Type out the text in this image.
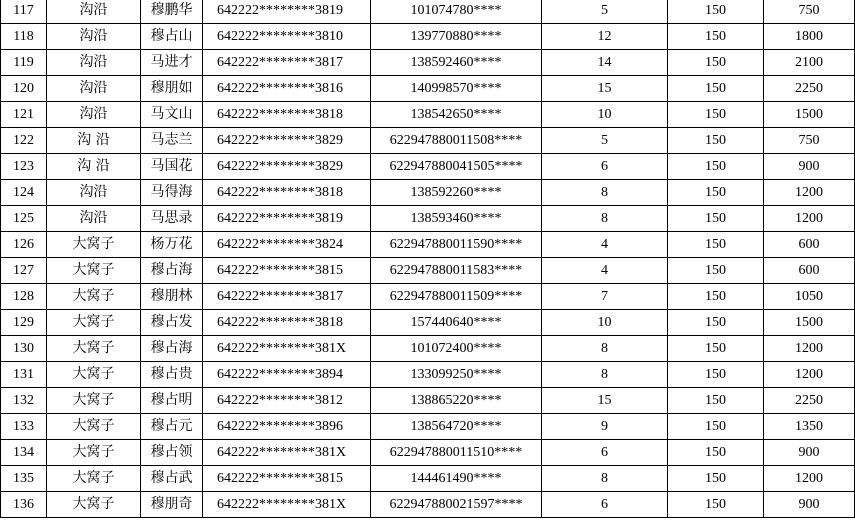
117	沟沿	穆鹏华	642222********3819	101074780****	5	150	750
118	沟沿	穆占山	642222********3810	139770880****	12	150	1800
119	沟沿	马进才	642222********3817	138592460****	14	150	2100
120	沟沿	穆朋如	642222********3816	140998570****	15	150	2250
121	沟沿	马文山	642222********3818	138542650****	10	150	1500
122	沟 沿	马志兰	642222********3829	622947880011508****	5	150	750
123	沟 沿	马国花	642222********3829	622947880041505****	6	150	900
124	沟沿	马得海	642222********3818	138592260****	8	150	1200
125	沟沿	马思录	642222********3819	138593460****	8	150	1200
126	大窝子	杨万花	642222********3824	622947880011590****	4	150	600
127	大窝子	穆占海	642222********3815	622947880011583****	4	150	600
128	大窝子	穆朋林	642222********3817	622947880011509****	7	150	1050
129	大窝子	穆占发	642222********3818	157440640****	10	150	1500
130	大窝子	穆占海	642222********381X	101072400****	8	150	1200
131	大窝子	穆占贵	642222********3894	133099250****	8	150	1200
132	大窝子	穆占明	642222********3812	138865220****	15	150	2250
133	大窝子	穆占元	642222********3896	138564720****	9	150	1350
134	大窝子	穆占领	642222********381X	622947880011510****	6	150	900
135	大窝子	穆占武	642222********3815	144461490****	8	150	1200
136	大窝子	穆朋奇	642222********381X	622947880021597****	6	150	900
